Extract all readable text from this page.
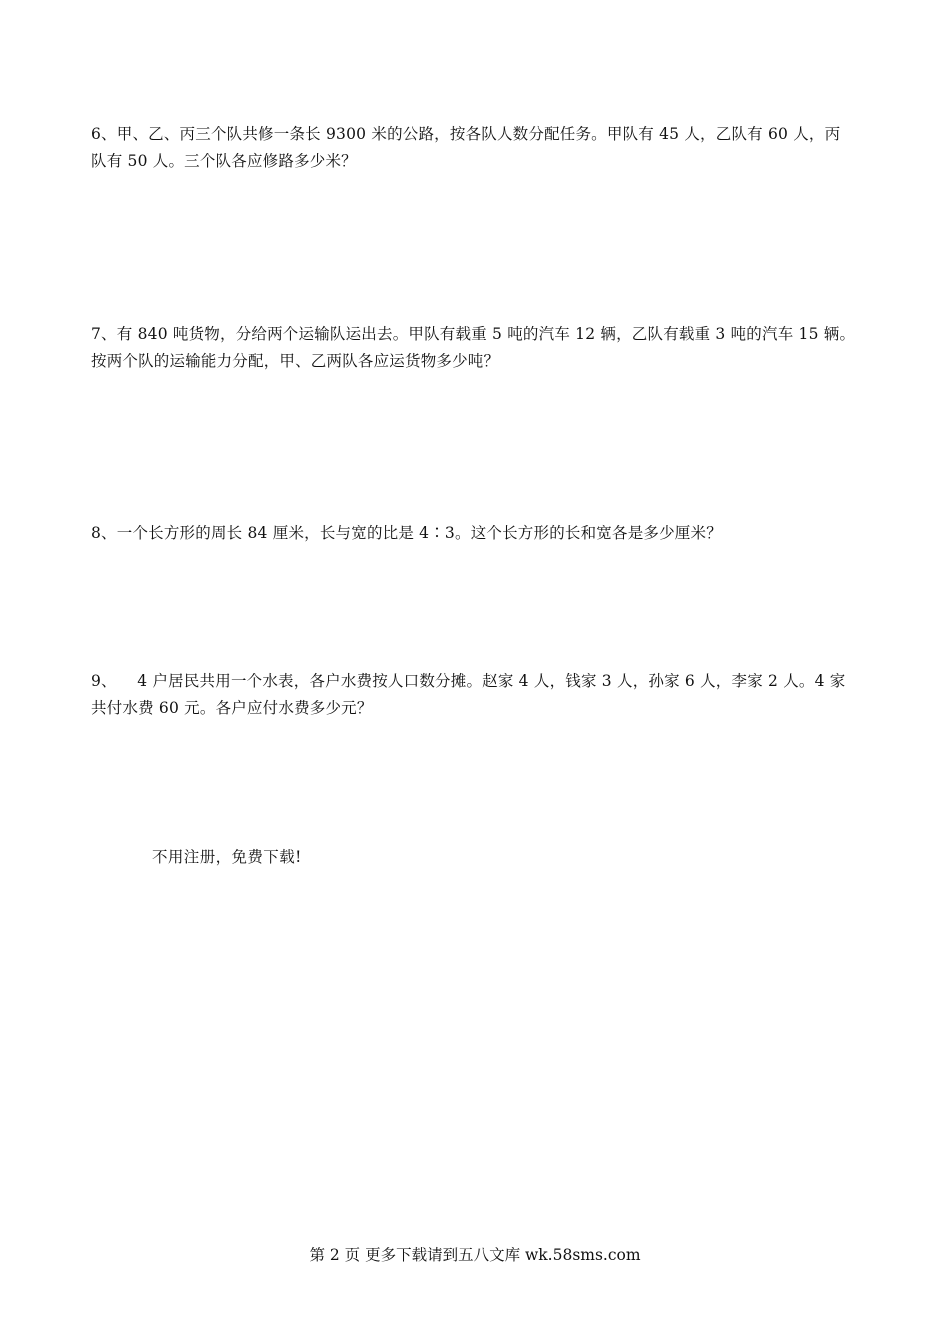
6、甲、乙、丙三个队共修一条长 9300 米的公路，按各队人数分配任务。甲队有 45 人，乙队有 60 人，丙
队有 50 人。三个队各应修路多少米？
7、有 840 吨货物，分给两个运输队运出去。甲队有载重 5 吨的汽车 12 辆，乙队有载重 3 吨的汽车 15 辆。
按两个队的运输能力分配，甲、乙两队各应运货物多少吨？
8、一个长方形的周长 84 厘米，长与宽的比是 4∶3。这个长方形的长和宽各是多少厘米？
9、    4 户居民共用一个水表，各户水费按人口数分摊。赵家 4 人，钱家 3 人，孙家 6 人，李家 2 人。4 家
共付水费 60 元。各户应付水费多少元？
不用注册，免费下载!
第 2 页 更多下载请到五八文库 wk.58sms.com
